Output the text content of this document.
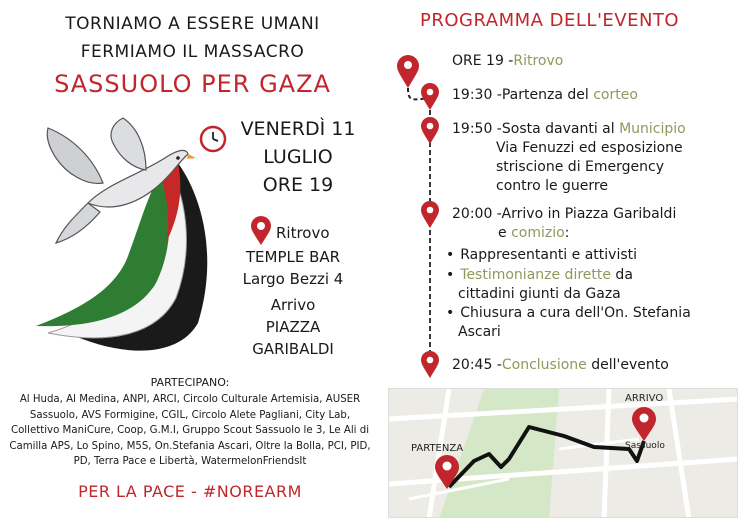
TORNIAMO A ESSERE UMANI
FERMIAMO IL MASSACRO
SASSUOLO PER GAZA
VENERDÌ 11
LUGLIO
ORE 19
Ritrovo
TEMPLE BAR
Largo Bezzi 4
Arrivo
PIAZZA
GARIBALDI
PARTECIPANO:
Al Huda, Al Medina, ANPI, ARCI, Circolo Culturale Artemisia, AUSER Sassuolo, AVS Formigine, CGIL, Circolo Alete Pagliani, City Lab, Collettivo ManiCure, Coop, G.M.I, Gruppo Scout Sassuolo le 3, Le Ali di Camilla APS, Lo Spino, M5S, On.Stefania Ascari, Oltre la Bolla, PCI, PID, PD, Terra Pace e Libertà, WatermelonFriendsIt
PER LA PACE - #NOREARM
PROGRAMMA DELL'EVENTO
ORE 19 -Ritrovo
19:30 -Partenza del corteo
19:50 -Sosta davanti al Municipio
Via Fenuzzi ed esposizione
striscione di Emergency
contro le guerre
20:00 -Arrivo in Piazza Garibaldi
e comizio:
• Rappresentanti e attivisti
• Testimonianze dirette da
cittadini giunti da Gaza
• Chiusura a cura dell'On. Stefania
Ascari
20:45 -Conclusione dell'evento
PARTENZA
ARRIVO
Sassuolo
